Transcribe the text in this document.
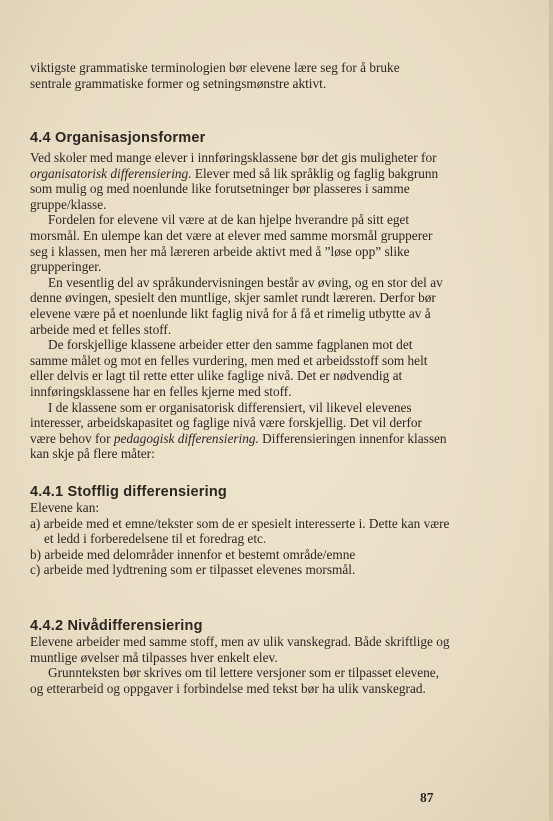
viktigste grammatiske terminologien bør elevene lære seg for å bruke
sentrale grammatiske former og setningsmønstre aktivt.
4.4 Organisasjonsformer

Ved skoler med mange elever i innføringsklassene bør det gis muligheter for organisatorisk differensiering. Elever med så lik språklig og faglig bakgrunn som mulig og med noenlunde like forutsetninger bør plasseres i samme gruppe/klasse.

Fordelen for elevene vil være at de kan hjelpe hverandre på sitt eget morsmål. En ulempe kan det være at elever med samme morsmål grupperer seg i klassen, men her må læreren arbeide aktivt med å ”løse opp” slike grupperinger.

En vesentlig del av språkundervisningen består av øving, og en stor del av denne øvingen, spesielt den muntlige, skjer samlet rundt læreren. Derfor bør elevene være på et noenlunde likt faglig nivå for å få et rimelig utbytte av å arbeide med et felles stoff.

De forskjellige klassene arbeider etter den samme fagplanen mot det samme målet og mot en felles vurdering, men med et arbeidsstoff som helt eller delvis er lagt til rette etter ulike faglige nivå. Det er nødvendig at innføringsklassene har en felles kjerne med stoff.

I de klassene som er organisatorisk differensiert, vil likevel elevenes interesser, arbeidskapasitet og faglige nivå være forskjellig. Det vil derfor være behov for pedagogisk differensiering. Differensieringen innenfor klassen kan skje på flere måter:

4.4.1 Stofflig differensiering
Elevene kan:
a) arbeide med et emne/tekster som de er spesielt interesserte i. Dette kan være et ledd i forberedelsene til et foredrag etc.
b) arbeide med delområder innenfor et bestemt område/emne
c) arbeide med lydtrening som er tilpasset elevenes morsmål.
4.4.2 Nivådifferensiering

Elevene arbeider med samme stoff, men av ulik vanskegrad. Både skriftlige og muntlige øvelser må tilpasses hver enkelt elev.

Grunnteksten bør skrives om til lettere versjoner som er tilpasset elevene, og etterarbeid og oppgaver i forbindelse med tekst bør ha ulik vanskegrad.

87
